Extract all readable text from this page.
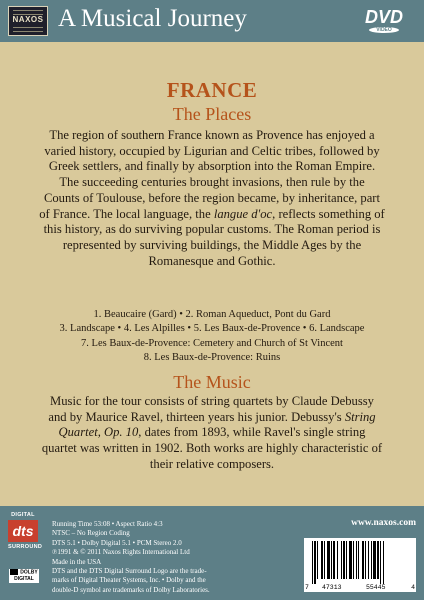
NAXOS A Musical Journey	DVD
VIDEO
FRANCE
The Places
The region of southern France known as Provence has enjoyed a
varied history, occupied by Ligurian and Celtic tribes, followed by
Greek settlers, and finally by absorption into the Roman Empire.
The succeeding centuries brought invasions, then rule by the
Counts of Toulouse, before the region became, by inheritance, part
of France. The local language, the langue d'oc, reflects something of
this history, as do surviving popular customs. The Roman period is
represented by surviving buildings, the Middle Ages by the
Romanesque and Gothic.
1. Beaucaire (Gard) • 2. Roman Aqueduct, Pont du Gard
3. Landscape • 4. Les Alpilles • 5. Les Baux-de-Provence • 6. Landscape
7. Les Baux-de-Provence: Cemetery and Church of St Vincent
8. Les Baux-de-Provence: Ruins
The Music
Music for the tour consists of string quartets by Claude Debussy
and by Maurice Ravel, thirteen years his junior. Debussy's String
Quartet, Op. 10, dates from 1893, while Ravel's single string
quartet was written in 1902. Both works are highly characteristic of
their relative composers.
DIGITAL
dts
SURROUND
DOLBY
DIGITAL
Running Time 53:08 • Aspect Ratio 4:3
NTSC – No Region Coding
DTS 5.1 • Dolby Digital 5.1 • PCM Stereo 2.0
℗1991 & © 2011 Naxos Rights International Ltd
Made in the USA
DTS and the DTS Digital Surround Logo are the trade-
marks of Digital Theater Systems, Inc. • Dolby and the
double-D symbol are trademarks of Dolby Laboratories.
www.naxos.com
7 47313	55445	4
